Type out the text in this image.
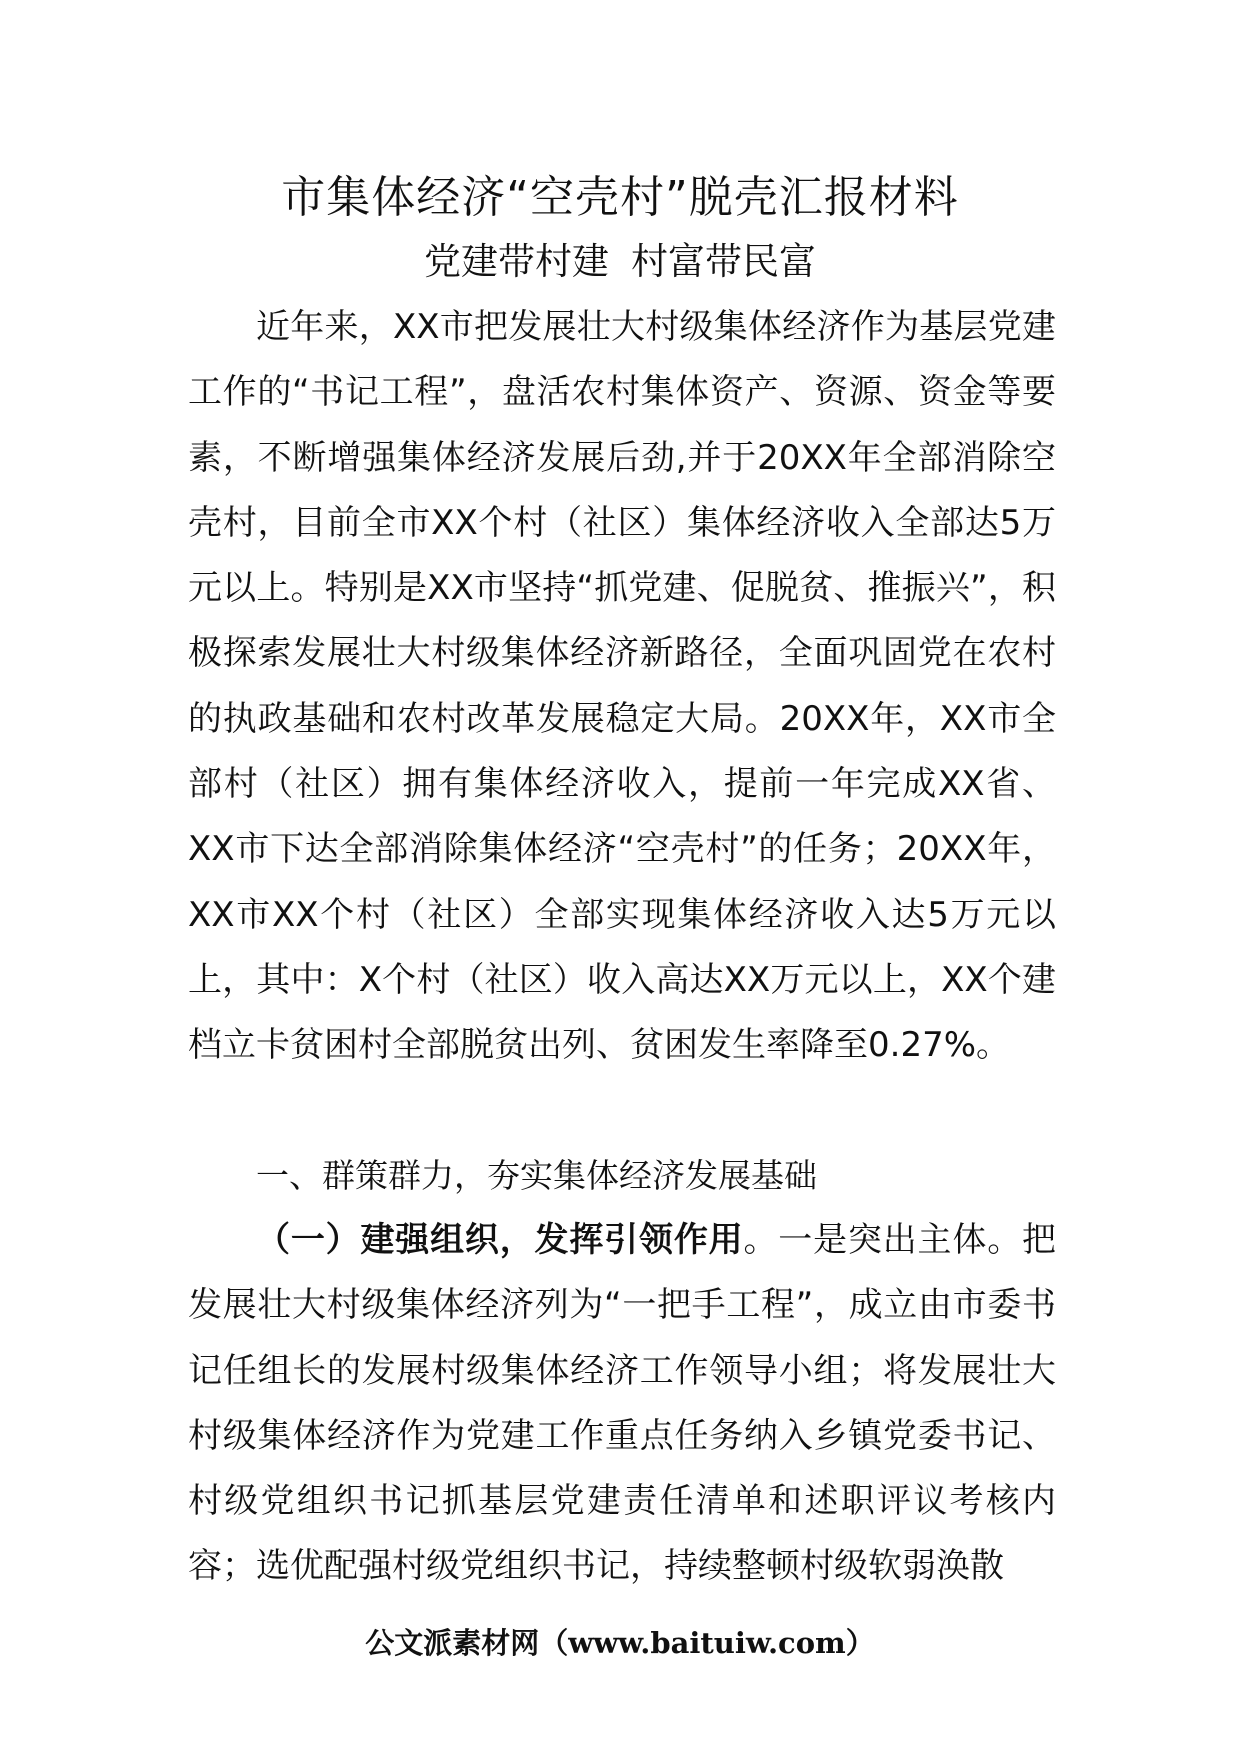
市集体经济“空壳村”脱壳汇报材料
党建带村建 村富带民富

近年来，XX市把发展壮大村级集体经济作为基层党建工作的“书记工程”，盘活农村集体资产、资源、资金等要素，不断增强集体经济发展后劲,并于20XX年全部消除空壳村，目前全市XX个村（社区）集体经济收入全部达5万元以上。特别是XX市坚持“抓党建、促脱贫、推振兴”，积极探索发展壮大村级集体经济新路径，全面巩固党在农村的执政基础和农村改革发展稳定大局。20XX年，XX市全部村（社区）拥有集体经济收入，提前一年完成XX省、XX市下达全部消除集体经济“空壳村”的任务；20XX年，XX市XX个村（社区）全部实现集体经济收入达5万元以上，其中：X个村（社区）收入高达XX万元以上，XX个建档立卡贫困村全部脱贫出列、贫困发生率降至0.27%。

一、群策群力，夯实集体经济发展基础

（一）建强组织，发挥引领作用。一是突出主体。把发展壮大村级集体经济列为“一把手工程”，成立由市委书记任组长的发展村级集体经济工作领导小组；将发展壮大村级集体经济作为党建工作重点任务纳入乡镇党委书记、村级党组织书记抓基层党建责任清单和述职评议考核内容；选优配强村级党组织书记，持续整顿村级软弱涣散

公文派素材网（www.baituiw.com）
